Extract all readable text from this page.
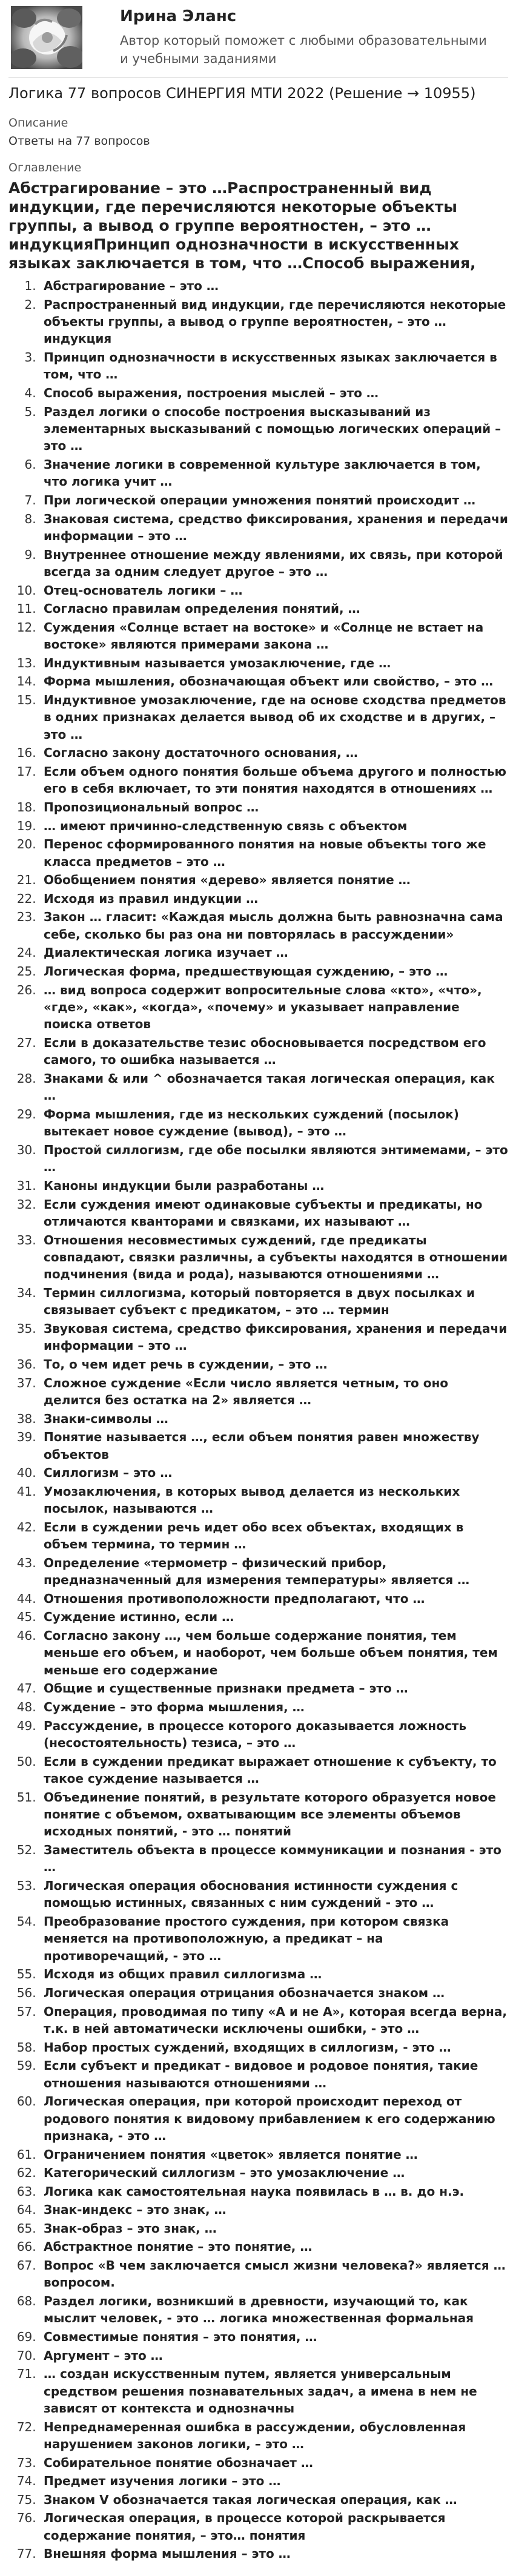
Ирина Эланс
Автор который поможет с любыми образовательными и учебными заданиями
Логика 77 вопросов СИНЕРГИЯ МТИ 2022 (Решение → 10955)
Описание
Ответы на 77 вопросов
Оглавление
Абстрагирование – это …Распространенный вид индукции, где перечисляются некоторые объекты группы, а вывод о группе вероятностен, – это … индукцияПринцип однозначности в искусственных языках заключается в том, что …Способ выражения,
1. Абстрагирование – это …
2. Распространенный вид индукции, где перечисляются некоторые объекты группы, а вывод о группе вероятностен, – это … индукция
3. Принцип однозначности в искусственных языках заключается в том, что …
4. Способ выражения, построения мыслей – это …
5. Раздел логики о способе построения высказываний из элементарных высказываний с помощью логических операций – это …
6. Значение логики в современной культуре заключается в том, что логика учит …
7. При логической операции умножения понятий происходит …
8. Знаковая система, средство фиксирования, хранения и передачи информации – это …
9. Внутреннее отношение между явлениями, их связь, при которой всегда за одним следует другое – это …
10. Отец-основатель логики – …
11. Согласно правилам определения понятий, …
12. Суждения «Солнце встает на востоке» и «Солнце не встает на востоке» являются примерами закона …
13. Индуктивным называется умозаключение, где …
14. Форма мышления, обозначающая объект или свойство, – это …
15. Индуктивное умозаключение, где на основе сходства предметов в одних признаках делается вывод об их сходстве и в других, – это …
16. Согласно закону достаточного основания, …
17. Если объем одного понятия больше объема другого и полностью его в себя включает, то эти понятия находятся в отношениях …
18. Пропозициональный вопрос …
19. … имеют причинно-следственную связь с объектом
20. Перенос сформированного понятия на новые объекты того же класса предметов – это …
21. Обобщением понятия «дерево» является понятие …
22. Исходя из правил индукции …
23. Закон … гласит: «Каждая мысль должна быть равнозначна сама себе, сколько бы раз она ни повторялась в рассуждении»
24. Диалектическая логика изучает …
25. Логическая форма, предшествующая суждению, – это …
26. … вид вопроса содержит вопросительные слова «кто», «что», «где», «как», «когда», «почему» и указывает направление поиска ответов
27. Если в доказательстве тезис обосновывается посредством его самого, то ошибка называется …
28. Знаками & или ^ обозначается такая логическая операция, как …
29. Форма мышления, где из нескольких суждений (посылок) вытекает новое суждение (вывод), – это …
30. Простой силлогизм, где обе посылки являются энтимемами, – это …
31. Каноны индукции были разработаны …
32. Если суждения имеют одинаковые субъекты и предикаты, но отличаются кванторами и связками, их называют …
33. Отношения несовместимых суждений, где предикаты совпадают, связки различны, а субъекты находятся в отношении подчинения (вида и рода), называются отношениями …
34. Термин силлогизма, который повторяется в двух посылках и связывает субъект с предикатом, – это … термин
35. Звуковая система, средство фиксирования, хранения и передачи информации – это …
36. То, о чем идет речь в суждении, – это …
37. Сложное суждение «Если число является четным, то оно делится без остатка на 2» является …
38. Знаки-символы …
39. Понятие называется …, если объем понятия равен множеству объектов
40. Силлогизм – это …
41. Умозаключения, в которых вывод делается из нескольких посылок, называются …
42. Если в суждении речь идет обо всех объектах, входящих в объем термина, то термин …
43. Определение «термометр – физический прибор, предназначенный для измерения температуры» является …
44. Отношения противоположности предполагают, что …
45. Суждение истинно, если …
46. Согласно закону …, чем больше содержание понятия, тем меньше его объем, и наоборот, чем больше объем понятия, тем меньше его содержание
47. Общие и существенные признаки предмета – это …
48. Суждение – это форма мышления, …
49. Рассуждение, в процессе которого доказывается ложность (несостоятельность) тезиса, – это …
50. Если в суждении предикат выражает отношение к субъекту, то такое суждение называется …
51. Объединение понятий, в результате которого образуется новое понятие с объемом, охватывающим все элементы объемов исходных понятий, - это … понятий
52. Заместитель объекта в процессе коммуникации и познания - это …
53. Логическая операция обоснования истинности суждения с помощью истинных, связанных с ним суждений - это …
54. Преобразование простого суждения, при котором связка меняется на противоположную, а предикат – на противоречащий, - это …
55. Исходя из общих правил силлогизма …
56. Логическая операция отрицания обозначается знаком …
57. Операция, проводимая по типу «А и не А», которая всегда верна, т.к. в ней автоматически исключены ошибки, - это …
58. Набор простых суждений, входящих в силлогизм, - это …
59. Если субъект и предикат - видовое и родовое понятия, такие отношения называются отношениями …
60. Логическая операция, при которой происходит переход от родового понятия к видовому прибавлением к его содержанию признака, - это …
61. Ограничением понятия «цветок» является понятие …
62. Категорический силлогизм – это умозаключение …
63. Логика как самостоятельная наука появилась в … в. до н.э.
64. Знак-индекс – это знак, …
65. Знак-образ – это знак, …
66. Абстрактное понятие – это понятие, …
67. Вопрос «В чем заключается смысл жизни человека?» является … вопросом.
68. Раздел логики, возникший в древности, изучающий то, как мыслит человек, - это … логика множественная формальная
69. Совместимые понятия – это понятия, …
70. Аргумент – это …
71. … создан искусственным путем, является универсальным средством решения познавательных задач, а имена в нем не зависят от контекста и однозначны
72. Непреднамеренная ошибка в рассуждении, обусловленная нарушением законов логики, – это …
73. Собирательное понятие обозначает …
74. Предмет изучения логики – это …
75. Знаком V обозначается такая логическая операция, как …
76. Логическая операция, в процессе которой раскрывается содержание понятия, – это… понятия
77. Внешняя форма мышления – это …
